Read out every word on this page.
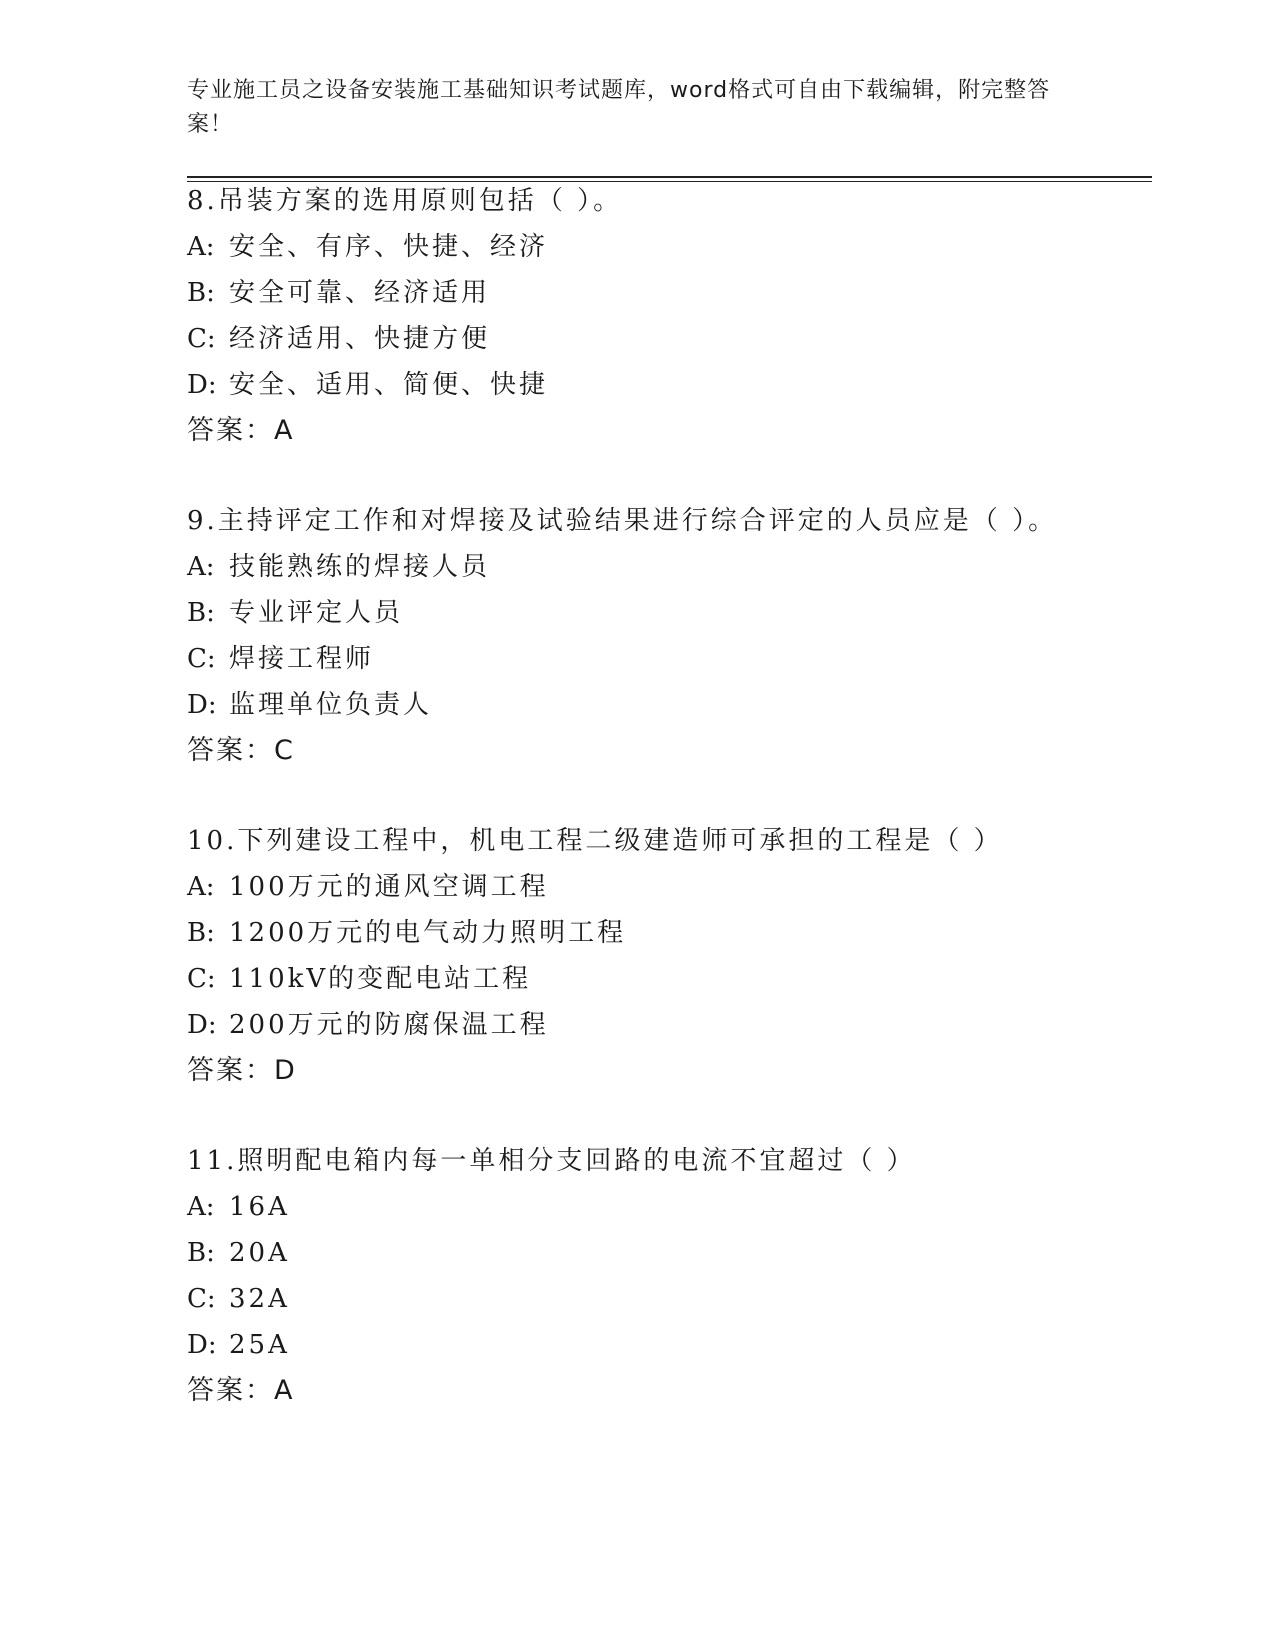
专业施工员之设备安装施工基础知识考试题库，word格式可自由下载编辑，附完整答案！

8.吊装方案的选用原则包括（ ）。
A: 安全、有序、快捷、经济
B: 安全可靠、经济适用
C: 经济适用、快捷方便
D: 安全、适用、简便、快捷
答案：A
9.主持评定工作和对焊接及试验结果进行综合评定的人员应是（ ）。
A: 技能熟练的焊接人员
B: 专业评定人员
C: 焊接工程师
D: 监理单位负责人
答案：C
10.下列建设工程中，机电工程二级建造师可承担的工程是（ ）
A: 100万元的通风空调工程
B: 1200万元的电气动力照明工程
C: 110kV的变配电站工程
D: 200万元的防腐保温工程
答案：D
11.照明配电箱内每一单相分支回路的电流不宜超过（ ）
A: 16A
B: 20A
C: 32A
D: 25A
答案：A
